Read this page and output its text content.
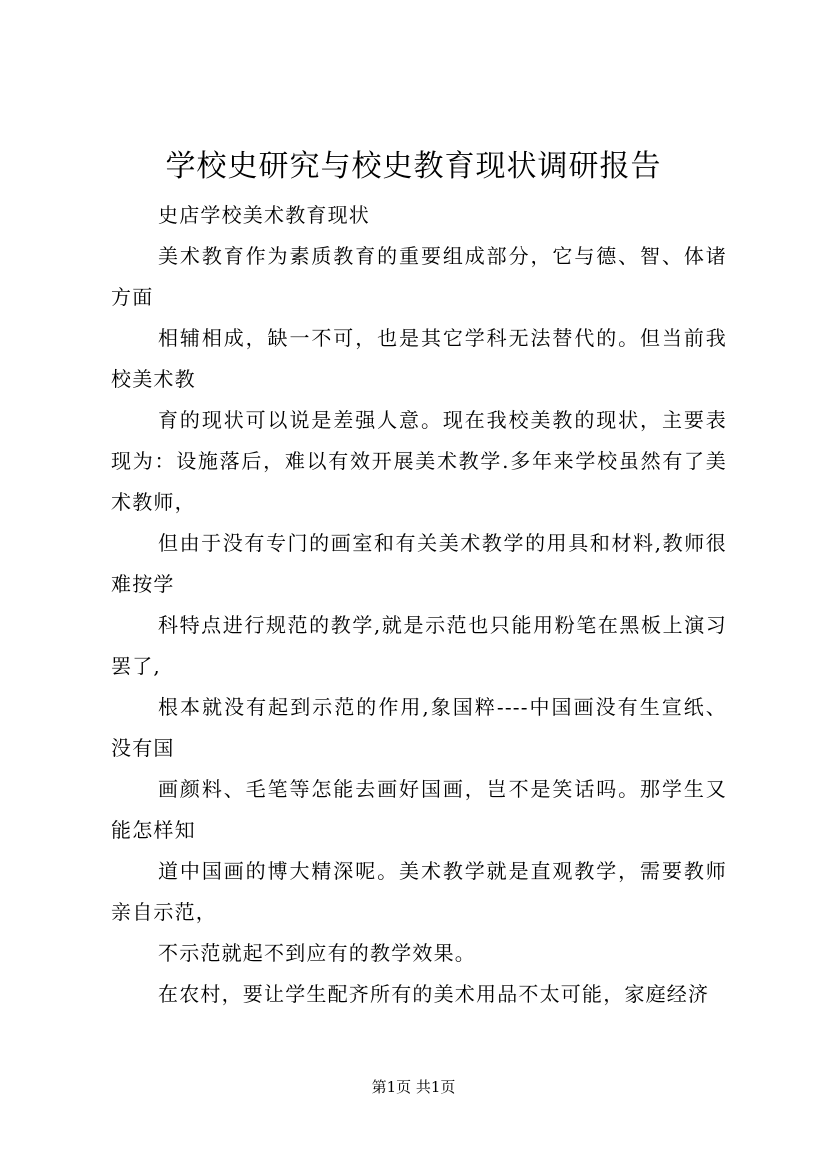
学校史研究与校史教育现状调研报告

史店学校美术教育现状

美术教育作为素质教育的重要组成部分，它与德、智、体诸方面

相辅相成，缺一不可，也是其它学科无法替代的。但当前我校美术教

育的现状可以说是差强人意。现在我校美教的现状，主要表现为：设施落后，难以有效开展美术教学.多年来学校虽然有了美术教师，

但由于没有专门的画室和有关美术教学的用具和材料,教师很难按学

科特点进行规范的教学,就是示范也只能用粉笔在黑板上演习罢了,

根本就没有起到示范的作用,象国粹----中国画没有生宣纸、没有国

画颜料、毛笔等怎能去画好国画，岂不是笑话吗。那学生又能怎样知

道中国画的博大精深呢。美术教学就是直观教学，需要教师亲自示范，

不示范就起不到应有的教学效果。

在农村，要让学生配齐所有的美术用品不太可能，家庭经济

第1页 共1页
